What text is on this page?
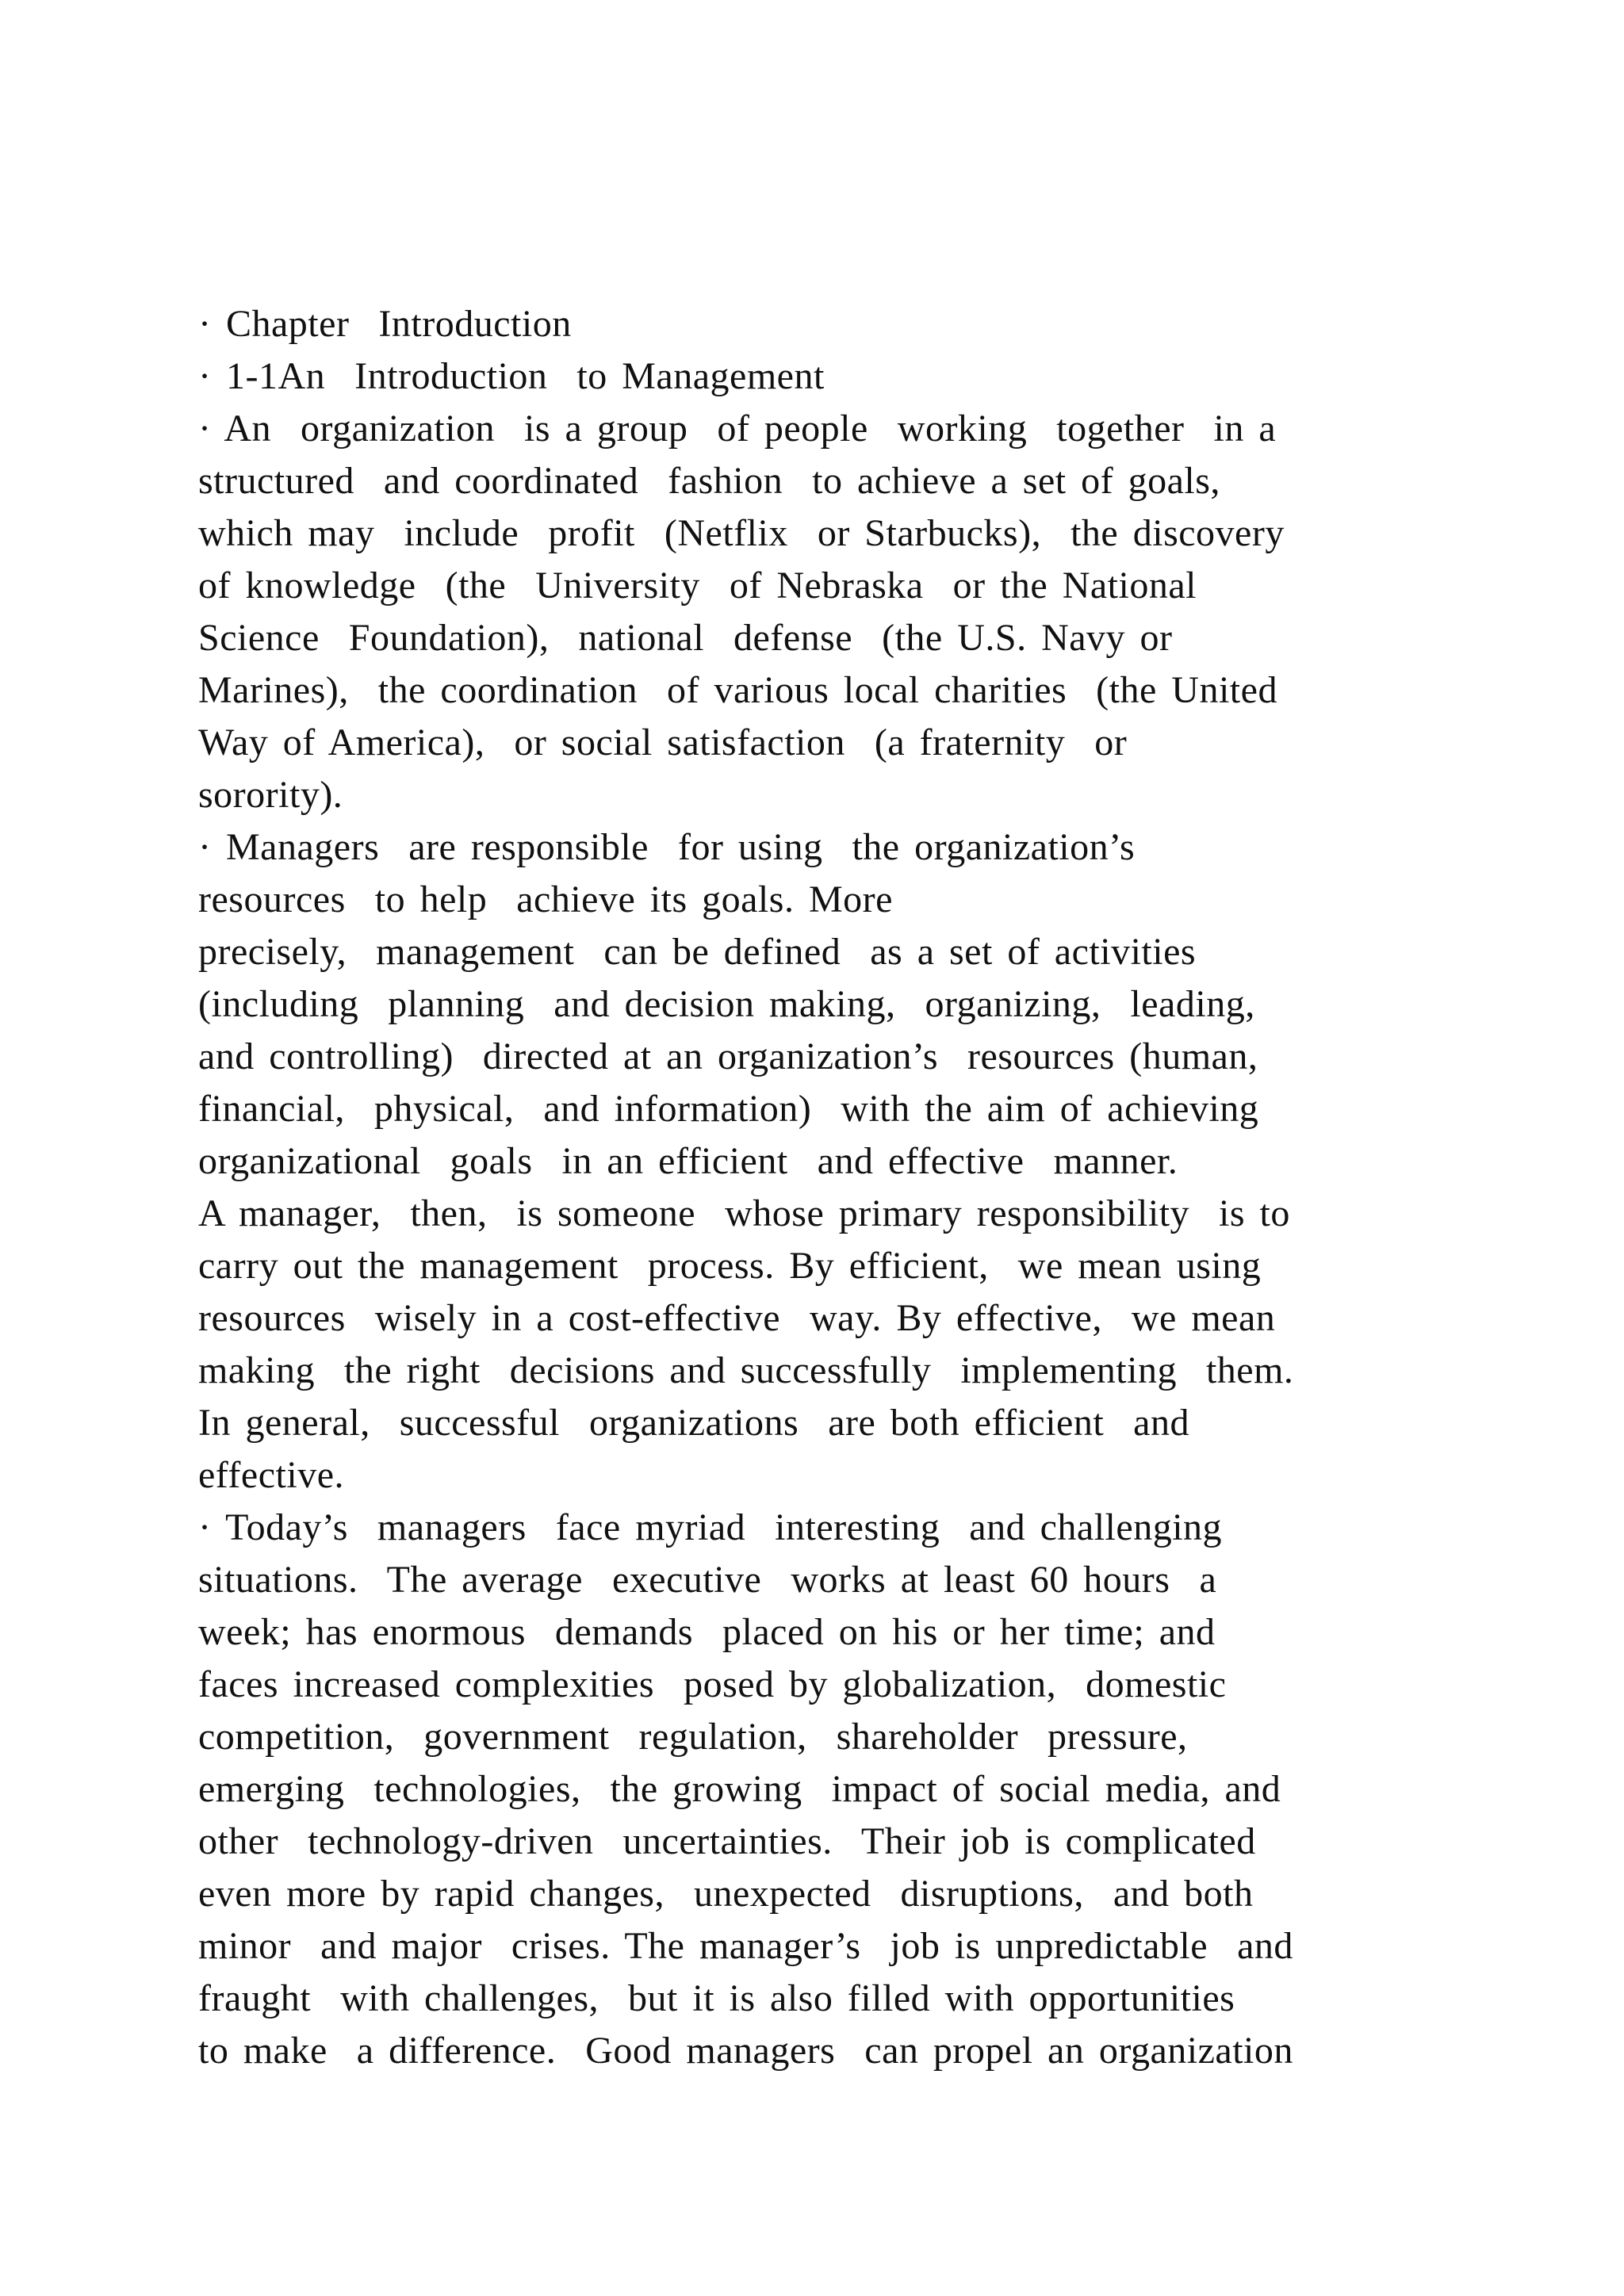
· Chapter  Introduction
· 1-1An  Introduction  to Management
· An  organization  is a group  of people  working  together  in a
structured  and coordinated  fashion  to achieve a set of goals,
which may  include  profit  (Netflix  or Starbucks),  the discovery
of knowledge  (the  University  of Nebraska  or the National
Science  Foundation),  national  defense  (the U.S. Navy or
Marines),  the coordination  of various local charities  (the United
Way of America),  or social satisfaction  (a fraternity  or
sorority).
· Managers  are responsible  for using  the organization’s
resources  to help  achieve its goals. More
precisely,  management  can be defined  as a set of activities
(including  planning  and decision making,  organizing,  leading,
and controlling)  directed at an organization’s  resources (human,
financial,  physical,  and information)  with the aim of achieving
organizational  goals  in an efficient  and effective  manner.
A manager,  then,  is someone  whose primary responsibility  is to
carry out the management  process. By efficient,  we mean using
resources  wisely in a cost-effective  way. By effective,  we mean
making  the right  decisions and successfully  implementing  them.
In general,  successful  organizations  are both efficient  and
effective.
· Today’s  managers  face myriad  interesting  and challenging
situations.  The average  executive  works at least 60 hours  a
week; has enormous  demands  placed on his or her time; and
faces increased complexities  posed by globalization,  domestic
competition,  government  regulation,  shareholder  pressure,
emerging  technologies,  the growing  impact of social media, and
other  technology-driven  uncertainties.  Their job is complicated
even more by rapid changes,  unexpected  disruptions,  and both
minor  and major  crises. The manager’s  job is unpredictable  and
fraught  with challenges,  but it is also filled with opportunities
to make  a difference.  Good managers  can propel an organization
